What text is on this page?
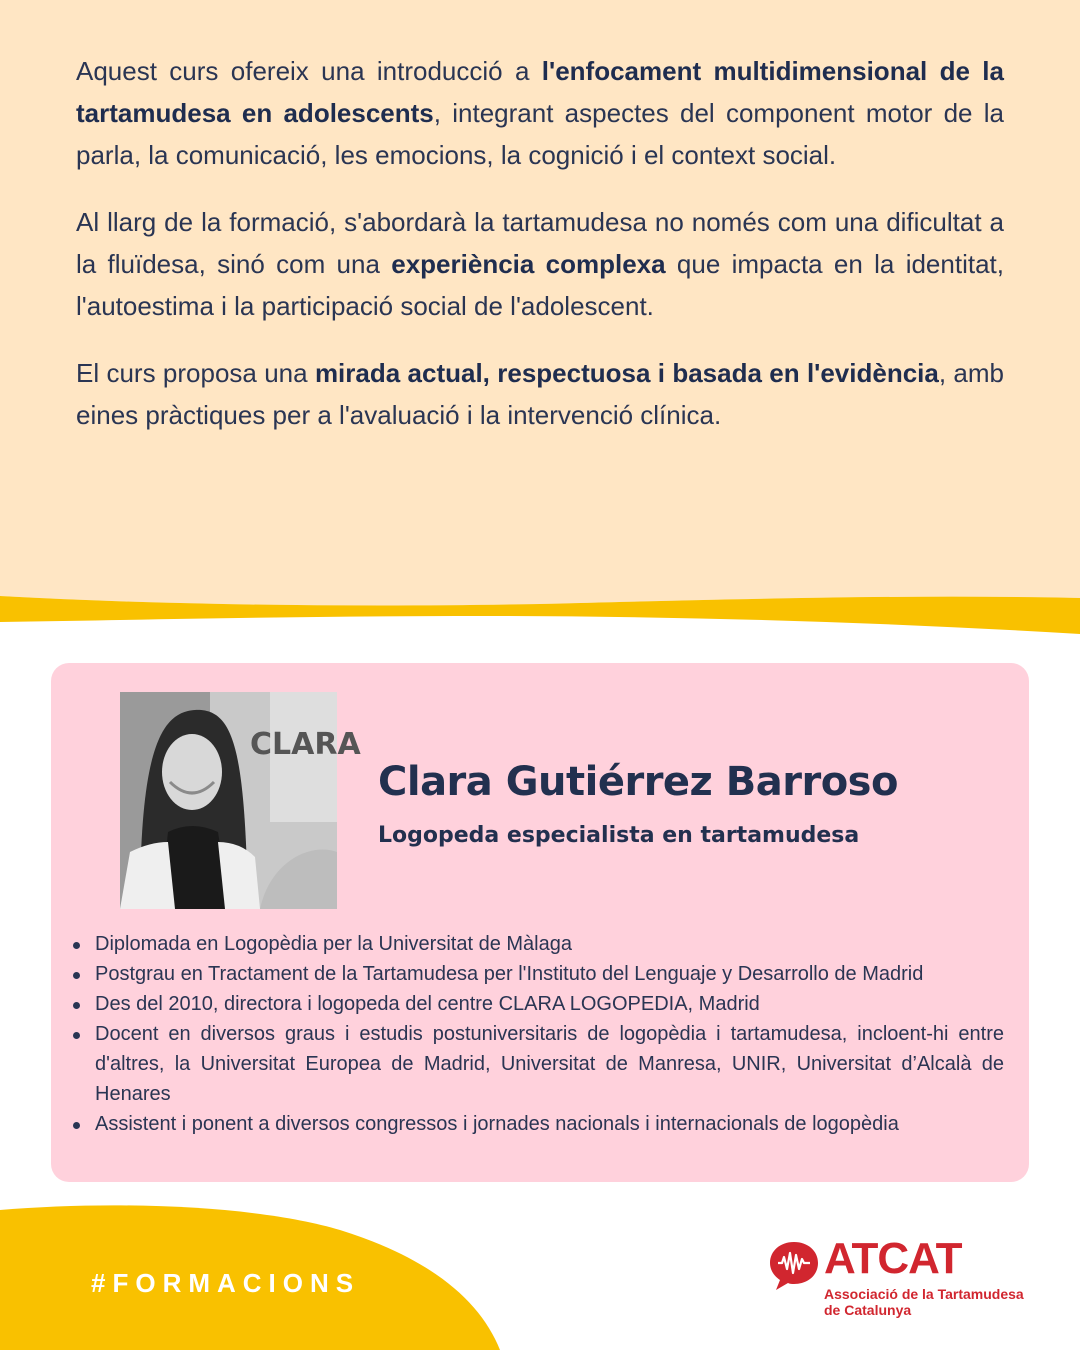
Aquest curs ofereix una introducció a l'enfocament multidimensional de la tartamudesa en adolescents, integrant aspectes del component motor de la parla, la comunicació, les emocions, la cognició i el context social.

Al llarg de la formació, s'abordarà la tartamudesa no només com una dificultat a la fluïdesa, sinó com una experiència complexa que impacta en la identitat, l'autoestima i la participació social de l'adolescent.

El curs proposa una mirada actual, respectuosa i basada en l'evidència, amb eines pràctiques per a l'avaluació i la intervenció clínica.

CLARA
Clara Gutiérrez Barroso
Logopeda especialista en tartamudesa
Diplomada en Logopèdia per la Universitat de Màlaga
Postgrau en Tractament de la Tartamudesa per l'Instituto del Lenguaje y Desarrollo de Madrid
Des del 2010, directora i logopeda del centre CLARA LOGOPEDIA, Madrid
Docent en diversos graus i estudis postuniversitaris de logopèdia i tartamudesa, incloent-hi entre d'altres, la Universitat Europea de Madrid, Universitat de Manresa, UNIR, Universitat d’Alcalà de Henares
Assistent i ponent a diversos congressos i jornades nacionals i internacionals de logopèdia
#FORMACIONS	ATCAT
Associació de la Tartamudesa
de Catalunya
